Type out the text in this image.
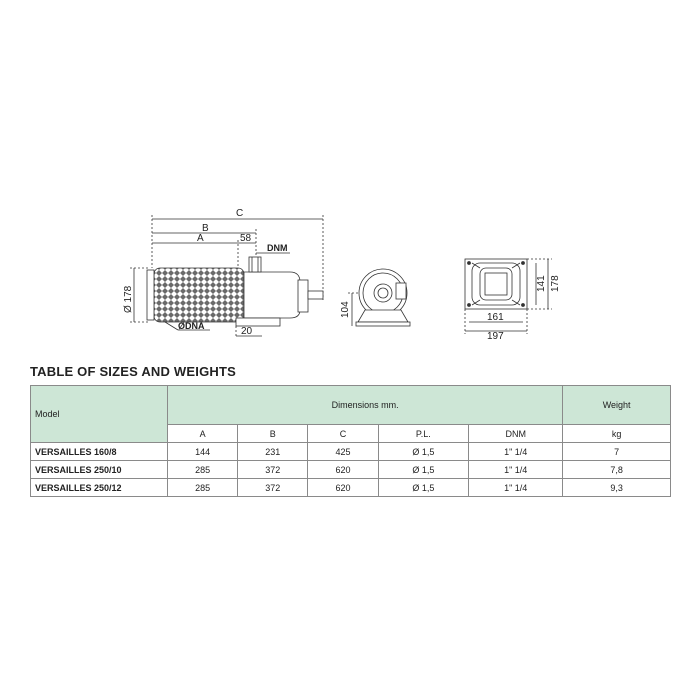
C
B
A	58
DNM
Ø 178
ØDNA	20
104
141 178
161
197
TABLE OF SIZES AND WEIGHTS
Model	Dimensions mm.					Weight
	A	B	C	P.L.	DNM	kg
VERSAILLES 160/8	144	231	425	Ø 1,5	1" 1/4	7
VERSAILLES 250/10	285	372	620	Ø 1,5	1" 1/4	7,8
VERSAILLES 250/12	285	372	620	Ø 1,5	1" 1/4	9,3
